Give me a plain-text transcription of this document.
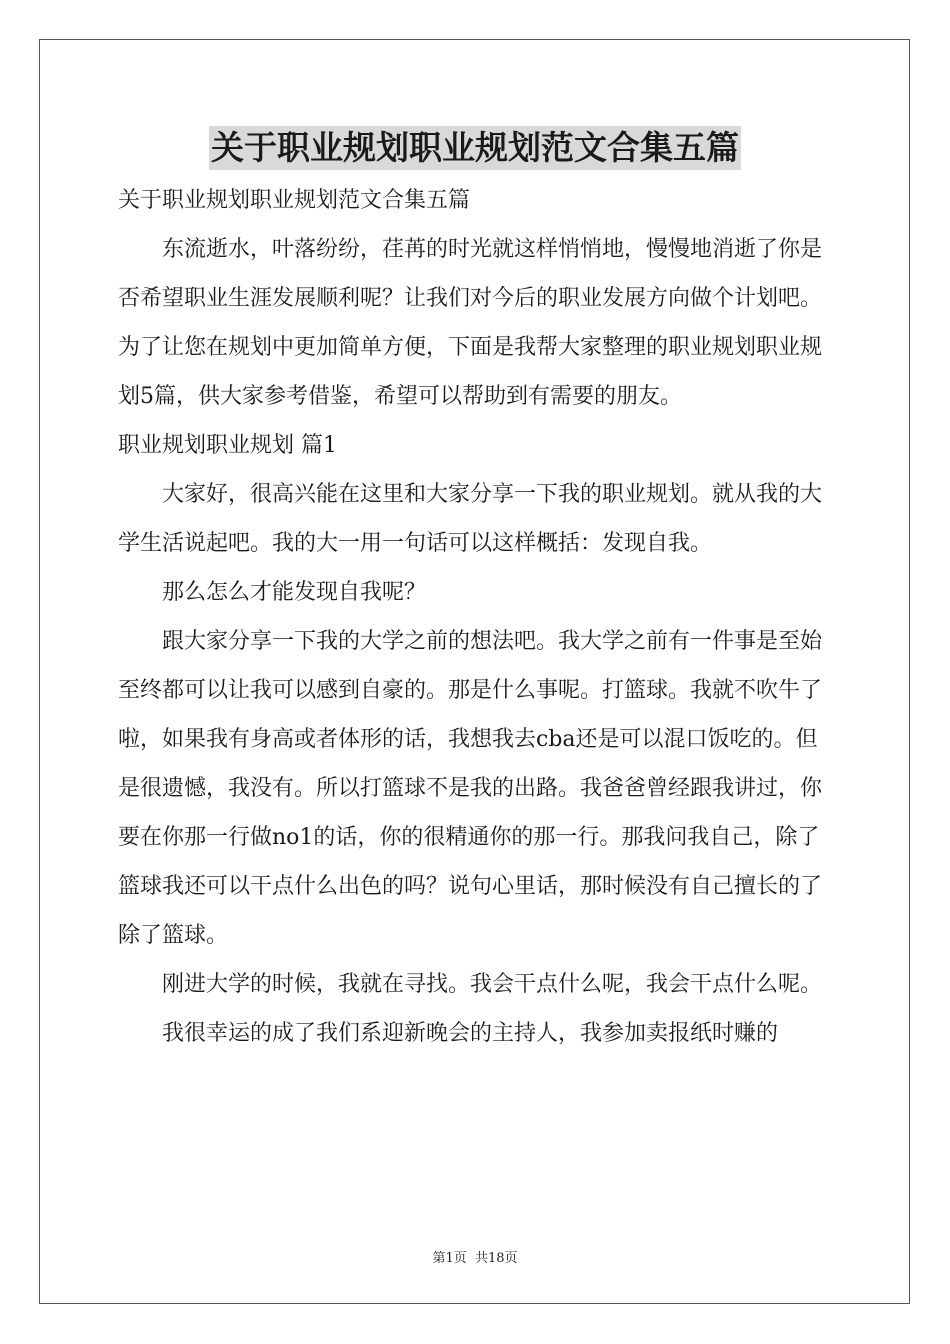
关于职业规划职业规划范文合集五篇

关于职业规划职业规划范文合集五篇

东流逝水，叶落纷纷，荏苒的时光就这样悄悄地，慢慢地消逝了你是否希望职业生涯发展顺利呢？让我们对今后的职业发展方向做个计划吧。为了让您在规划中更加简单方便，下面是我帮大家整理的职业规划职业规划5篇，供大家参考借鉴，希望可以帮助到有需要的朋友。

职业规划职业规划 篇1

大家好，很高兴能在这里和大家分享一下我的职业规划。就从我的大学生活说起吧。我的大一用一句话可以这样概括：发现自我。

那么怎么才能发现自我呢？

跟大家分享一下我的大学之前的想法吧。我大学之前有一件事是至始至终都可以让我可以感到自豪的。那是什么事呢。打篮球。我就不吹牛了啦，如果我有身高或者体形的话，我想我去cba还是可以混口饭吃的。但是很遗憾，我没有。所以打篮球不是我的出路。我爸爸曾经跟我讲过，你要在你那一行做no1的话，你的很精通你的那一行。那我问我自己，除了篮球我还可以干点什么出色的吗？说句心里话，那时候没有自己擅长的了除了篮球。

刚进大学的时候，我就在寻找。我会干点什么呢，我会干点什么呢。

我很幸运的成了我们系迎新晚会的主持人，我参加卖报纸时赚的

第1页 共18页
